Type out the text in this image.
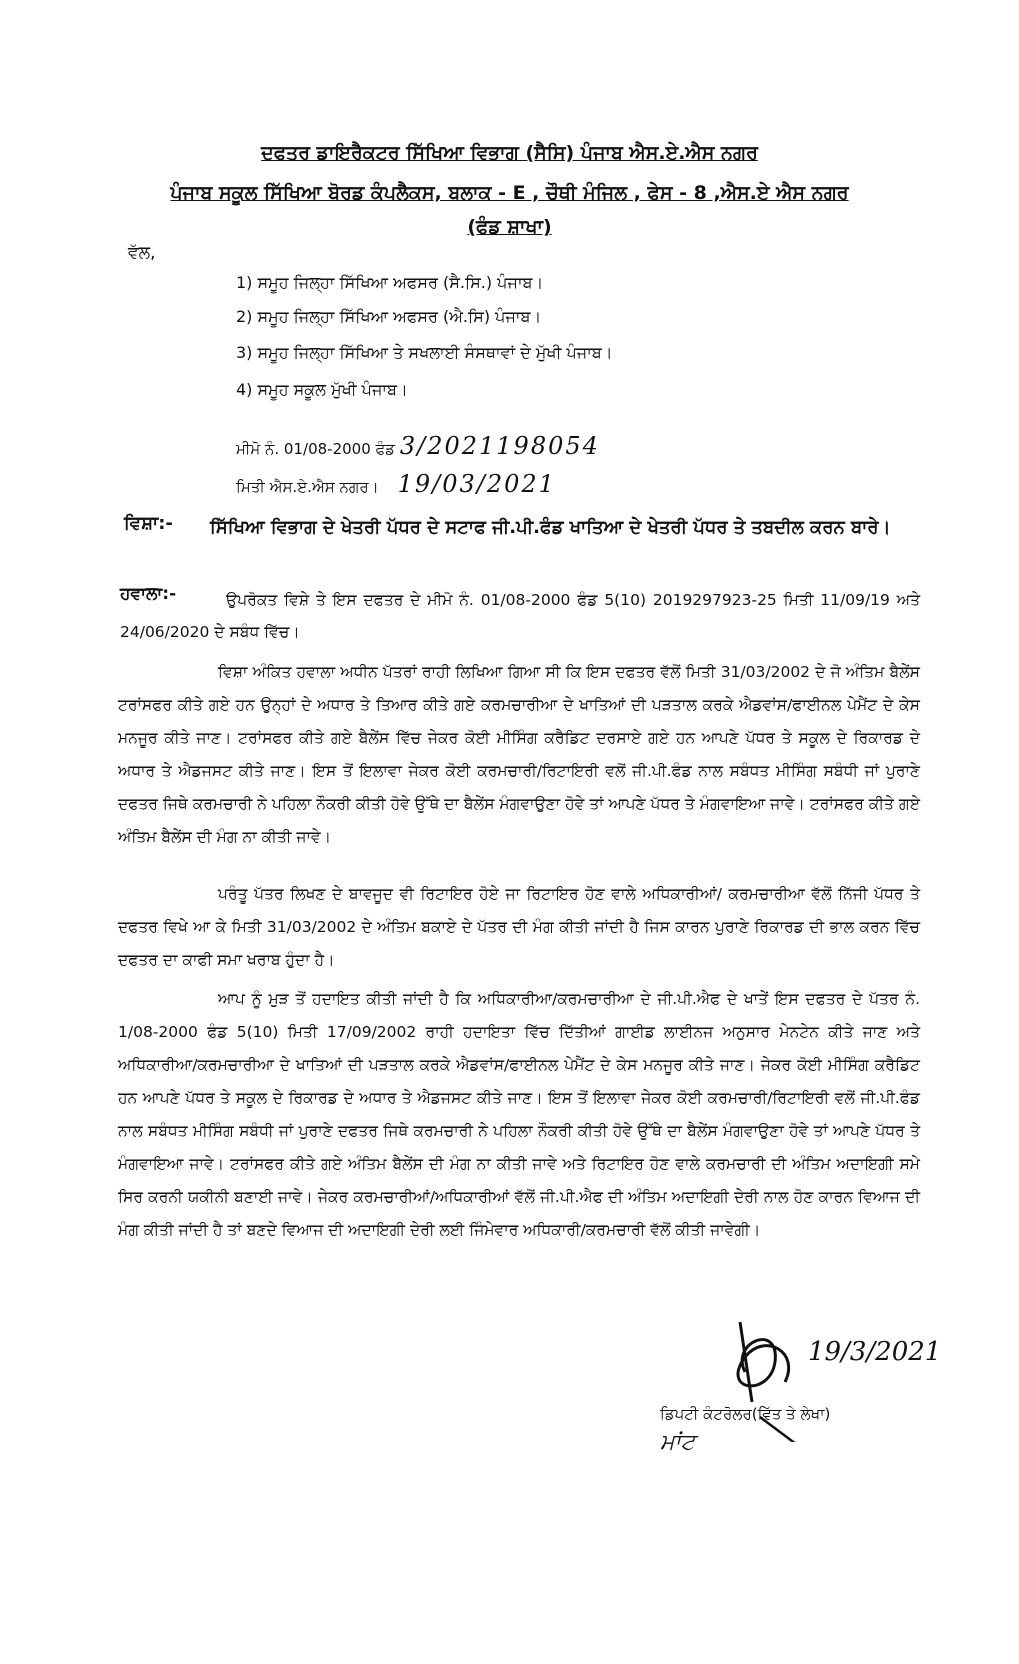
ਦਫਤਰ ਡਾਇਰੈਕਟਰ ਸਿੱਖਿਆ ਵਿਭਾਗ (ਸੈਸਿ) ਪੰਜਾਬ ਐਸ.ਏ.ਐਸ ਨਗਰ
ਪੰਜਾਬ ਸਕੂਲ ਸਿੱਖਿਆ ਬੋਰਡ ਕੰਪਲੈਕਸ, ਬਲਾਕ - E , ਚੌਥੀ ਮੰਜਿਲ , ਫੇਸ - 8 ,ਐਸ.ਏ ਐਸ ਨਗਰ
(ਫੰਡ ਸ਼ਾਖਾ)
ਵੱਲ,
1) ਸਮੂਹ ਜਿਲ੍ਹਾ ਸਿੱਖਿਆ ਅਫਸਰ (ਸੈ.ਸਿ.) ਪੰਜਾਬ।
2) ਸਮੂਹ ਜਿਲ੍ਹਾ ਸਿੱਖਿਆ ਅਫਸਰ (ਐ.ਸਿ) ਪੰਜਾਬ।
3) ਸਮੂਹ ਜਿਲ੍ਹਾ ਸਿੱਖਿਆ ਤੇ ਸਖਲਾਈ ਸੰਸਥਾਵਾਂ ਦੇ ਮੁੱਖੀ ਪੰਜਾਬ।
4) ਸਮੂਹ ਸਕੂਲ ਮੁੱਖੀ ਪੰਜਾਬ।
ਮੀਮੋ ਨੰ. 01/08-2000 ਫੰਡ 3/2021198054
ਮਿਤੀ ਐਸ.ਏ.ਐਸ ਨਗਰ। 19/03/2021
ਵਿਸ਼ਾ:- ਸਿੱਖਿਆ ਵਿਭਾਗ ਦੇ ਖੇਤਰੀ ਪੱਧਰ ਦੇ ਸਟਾਫ ਜੀ.ਪੀ.ਫੰਡ ਖਾਤਿਆ ਦੇ ਖੇਤਰੀ ਪੱਧਰ ਤੇ ਤਬਦੀਲ ਕਰਨ ਬਾਰੇ।
ਹਵਾਲਾ:-	ਉਪਰੋਕਤ ਵਿਸ਼ੇ ਤੇ ਇਸ ਦਫਤਰ ਦੇ ਮੀਮੋ ਨੰ. 01/08-2000 ਫੰਡ 5(10) 2019297923-25 ਮਿਤੀ 11/09/19 ਅਤੇ 24/06/2020 ਦੇ ਸਬੰਧ ਵਿੱਚ।
ਵਿਸ਼ਾ ਅੰਕਿਤ ਹਵਾਲਾ ਅਧੀਨ ਪੱਤਰਾਂ ਰਾਹੀ ਲਿਖਿਆ ਗਿਆ ਸੀ ਕਿ ਇਸ ਦਫਤਰ ਵੱਲੋਂ ਮਿਤੀ 31/03/2002 ਦੇ ਜੋ ਅੰਤਿਮ ਬੈਲੇਂਸ ਟਰਾਂਸਫਰ ਕੀਤੇ ਗਏ ਹਨ ਉਨ੍ਹਾਂ ਦੇ ਅਧਾਰ ਤੇ ਤਿਆਰ ਕੀਤੇ ਗਏ ਕਰਮਚਾਰੀਆ ਦੇ ਖਾਤਿਆਂ ਦੀ ਪੜਤਾਲ ਕਰਕੇ ਐਡਵਾਂਸ/ਫਾਈਨਲ ਪੇਮੈਂਟ ਦੇ ਕੇਸ ਮਨਜੂਰ ਕੀਤੇ ਜਾਣ। ਟਰਾਂਸਫਰ ਕੀਤੇ ਗਏ ਬੈਲੇਂਸ ਵਿੱਚ ਜੇਕਰ ਕੋਈ ਮੀਸਿੰਗ ਕਰੈਡਿਟ ਦਰਸਾਏ ਗਏ ਹਨ ਆਪਣੇ ਪੱਧਰ ਤੇ ਸਕੂਲ ਦੇ ਰਿਕਾਰਡ ਦੇ ਅਧਾਰ ਤੇ ਐਡਜਸਟ ਕੀਤੇ ਜਾਣ। ਇਸ ਤੋਂ ਇਲਾਵਾ ਜੇਕਰ ਕੋਈ ਕਰਮਚਾਰੀ/ਰਿਟਾਇਰੀ ਵਲੋਂ ਜੀ.ਪੀ.ਫੰਡ ਨਾਲ ਸਬੰਧਤ ਮੀਸਿੰਗ ਸਬੰਧੀ ਜਾਂ ਪੁਰਾਣੇ ਦਫਤਰ ਜਿਥੇ ਕਰਮਚਾਰੀ ਨੇ ਪਹਿਲਾ ਨੌਕਰੀ ਕੀਤੀ ਹੋਵੇ ਉੱਥੇ ਦਾ ਬੈਲੇਂਸ ਮੰਗਵਾਉਣਾ ਹੋਵੇ ਤਾਂ ਆਪਣੇ ਪੱਧਰ ਤੇ ਮੰਗਵਾਇਆ ਜਾਵੇ। ਟਰਾਂਸਫਰ ਕੀਤੇ ਗਏ ਅੰਤਿਮ ਬੈਲੇਂਸ ਦੀ ਮੰਗ ਨਾ ਕੀਤੀ ਜਾਵੇ।
ਪਰੰਤੂ ਪੱਤਰ ਲਿਖਣ ਦੇ ਬਾਵਜੂਦ ਵੀ ਰਿਟਾਇਰ ਹੋਏ ਜਾ ਰਿਟਾਇਰ ਹੋਣ ਵਾਲੇ ਅਧਿਕਾਰੀਆਂ/ ਕਰਮਚਾਰੀਆ ਵੱਲੋਂ ਨਿੱਜੀ ਪੱਧਰ ਤੇ ਦਫਤਰ ਵਿਖੇ ਆ ਕੇ ਮਿਤੀ 31/03/2002 ਦੇ ਅੰਤਿਮ ਬਕਾਏ ਦੇ ਪੱਤਰ ਦੀ ਮੰਗ ਕੀਤੀ ਜਾਂਦੀ ਹੈ ਜਿਸ ਕਾਰਨ ਪੁਰਾਣੇ ਰਿਕਾਰਡ ਦੀ ਭਾਲ ਕਰਨ ਵਿੱਚ ਦਫਤਰ ਦਾ ਕਾਫੀ ਸਮਾ ਖਰਾਬ ਹੁੰਦਾ ਹੈ।
ਆਪ ਨੂੰ ਮੁੜ ਤੋਂ ਹਦਾਇਤ ਕੀਤੀ ਜਾਂਦੀ ਹੈ ਕਿ ਅਧਿਕਾਰੀਆ/ਕਰਮਚਾਰੀਆ ਦੇ ਜੀ.ਪੀ.ਐਫ ਦੇ ਖਾਤੇਂ ਇਸ ਦਫਤਰ ਦੇ ਪੱਤਰ ਨੰ. 1/08-2000 ਫੰਡ 5(10) ਮਿਤੀ 17/09/2002 ਰਾਹੀ ਹਦਾਇਤਾ ਵਿੱਚ ਦਿੱਤੀਆਂ ਗਾਈਡ ਲਾਈਨਜ ਅਨੁਸਾਰ ਮੇਨਟੇਨ ਕੀਤੇ ਜਾਣ ਅਤੇ ਅਧਿਕਾਰੀਆ/ਕਰਮਚਾਰੀਆ ਦੇ ਖਾਤਿਆਂ ਦੀ ਪੜਤਾਲ ਕਰਕੇ ਐਡਵਾਂਸ/ਫਾਈਨਲ ਪੇਮੈਂਟ ਦੇ ਕੇਸ ਮਨਜੂਰ ਕੀਤੇ ਜਾਣ। ਜੇਕਰ ਕੋਈ ਮੀਸਿੰਗ ਕਰੈਡਿਟ ਹਨ ਆਪਣੇ ਪੱਧਰ ਤੇ ਸਕੂਲ ਦੇ ਰਿਕਾਰਡ ਦੇ ਅਧਾਰ ਤੇ ਐਡਜਸਟ ਕੀਤੇ ਜਾਣ। ਇਸ ਤੋਂ ਇਲਾਵਾ ਜੇਕਰ ਕੋਈ ਕਰਮਚਾਰੀ/ਰਿਟਾਇਰੀ ਵਲੋਂ ਜੀ.ਪੀ.ਫੰਡ ਨਾਲ ਸਬੰਧਤ ਮੀਸਿੰਗ ਸਬੰਧੀ ਜਾਂ ਪੁਰਾਣੇ ਦਫਤਰ ਜਿਥੇ ਕਰਮਚਾਰੀ ਨੇ ਪਹਿਲਾ ਨੌਕਰੀ ਕੀਤੀ ਹੋਵੇ ਉੱਥੇ ਦਾ ਬੈਲੇਂਸ ਮੰਗਵਾਉਣਾ ਹੋਵੇ ਤਾਂ ਆਪਣੇ ਪੱਧਰ ਤੇ ਮੰਗਵਾਇਆ ਜਾਵੇ। ਟਰਾਂਸਫਰ ਕੀਤੇ ਗਏ ਅੰਤਿਮ ਬੈਲੇਂਸ ਦੀ ਮੰਗ ਨਾ ਕੀਤੀ ਜਾਵੇ ਅਤੇ ਰਿਟਾਇਰ ਹੋਣ ਵਾਲੇ ਕਰਮਚਾਰੀ ਦੀ ਅੰਤਿਮ ਅਦਾਇਗੀ ਸਮੇ ਸਿਰ ਕਰਨੀ ਯਕੀਨੀ ਬਣਾਈ ਜਾਵੇ। ਜੇਕਰ ਕਰਮਚਾਰੀਆਂ/ਅਧਿਕਾਰੀਆਂ ਵੱਲੋਂ ਜੀ.ਪੀ.ਐਫ ਦੀ ਅੰਤਿਮ ਅਦਾਇਗੀ ਦੇਰੀ ਨਾਲ ਹੋਣ ਕਾਰਨ ਵਿਆਜ ਦੀ ਮੰਗ ਕੀਤੀ ਜਾਂਦੀ ਹੈ ਤਾਂ ਬਣਦੇ ਵਿਆਜ ਦੀ ਅਦਾਇਗੀ ਦੇਰੀ ਲਈ ਜਿੰਮੇਵਾਰ ਅਧਿਕਾਰੀ/ਕਰਮਚਾਰੀ ਵੱਲੋਂ ਕੀਤੀ ਜਾਵੇਗੀ।
19/3/2021
ਡਿਪਟੀ ਕੰਟਰੋਲਰ(ਵਿੱਤ ਤੇ ਲੇਖਾ)
ਮਾਂਟ
